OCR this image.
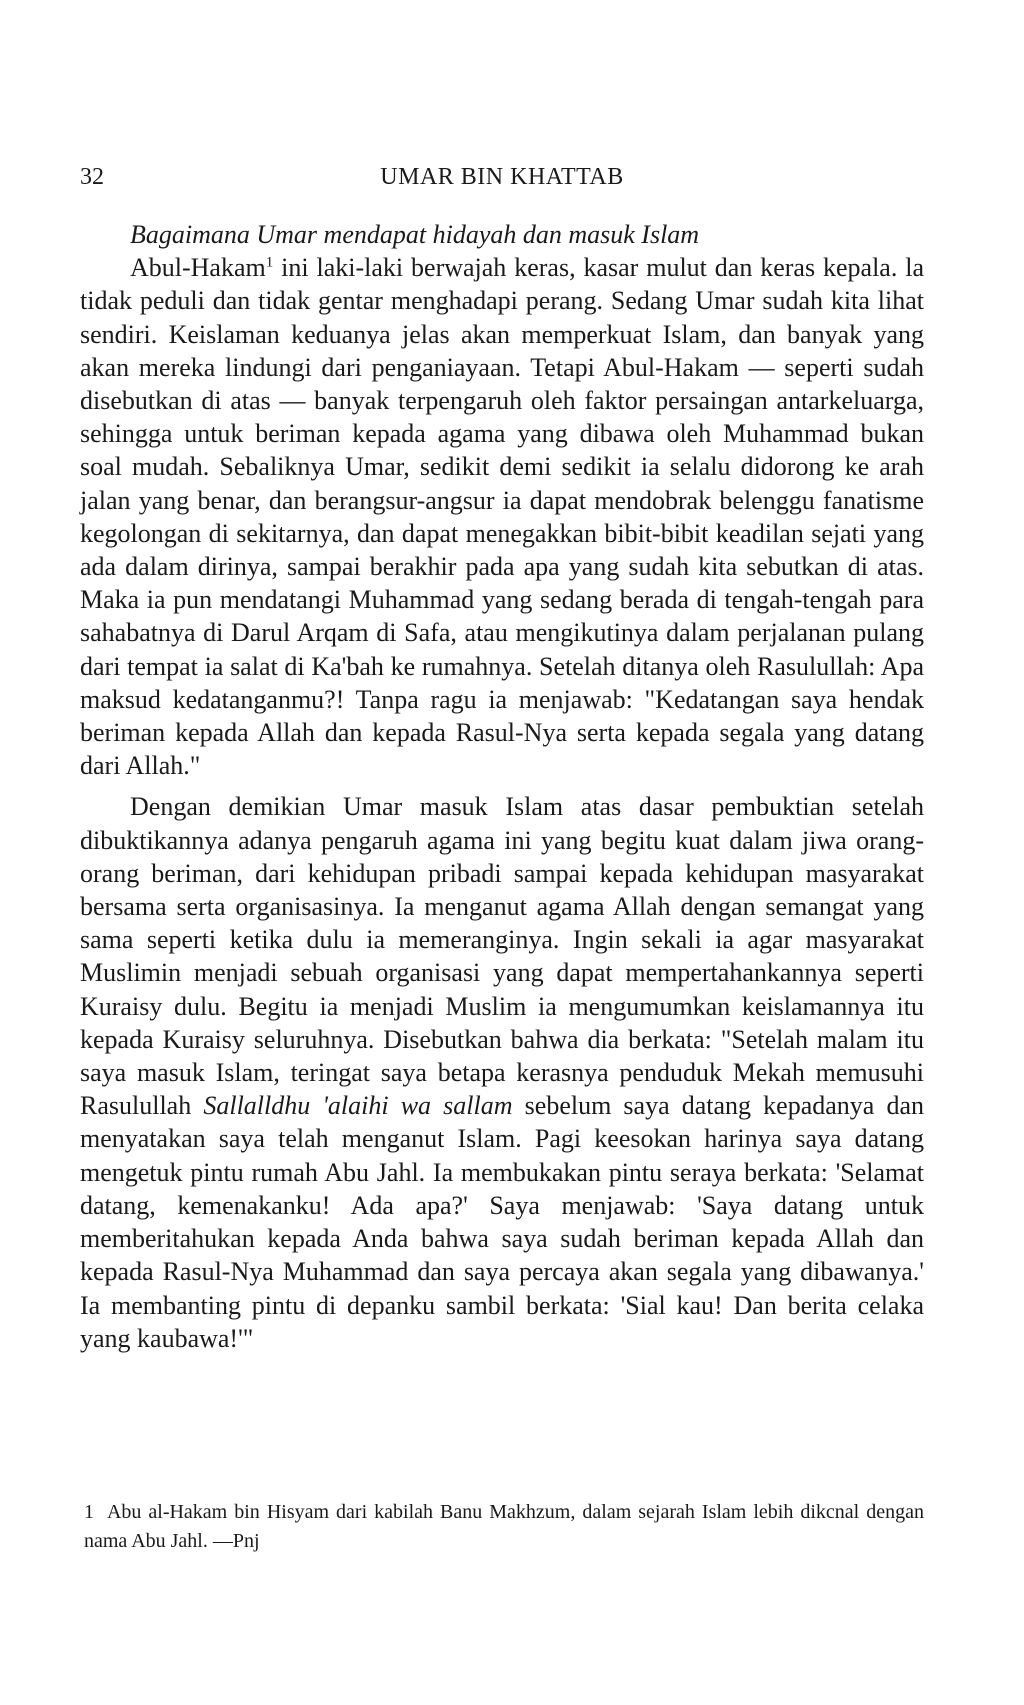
32	UMAR BIN KHATTAB

Bagaimana Umar mendapat hidayah dan masuk Islam

Abul-Hakam$^1$ ini laki-laki berwajah keras, kasar mulut dan keras kepala. la tidak peduli dan tidak gentar menghadapi perang. Sedang Umar sudah kita lihat sendiri. Keislaman keduanya jelas akan memperkuat Islam, dan banyak yang akan mereka lindungi dari penganiayaan. Tetapi Abul-Hakam — seperti sudah disebutkan di atas — banyak terpengaruh oleh faktor persaingan antarkeluarga, sehingga untuk beriman kepada agama yang dibawa oleh Muhammad bukan soal mudah. Sebaliknya Umar, sedikit demi sedikit ia selalu didorong ke arah jalan yang benar, dan berangsur-angsur ia dapat mendobrak belenggu fanatisme kegolongan di sekitarnya, dan dapat menegakkan bibit-bibit keadilan sejati yang ada dalam dirinya, sampai berakhir pada apa yang sudah kita sebutkan di atas. Maka ia pun mendatangi Muhammad yang sedang berada di tengah-tengah para sahabatnya di Darul Arqam di Safa, atau mengikutinya dalam perjalanan pulang dari tempat ia salat di Ka'bah ke rumahnya. Setelah ditanya oleh Rasulullah: Apa maksud kedatanganmu?! Tanpa ragu ia menjawab: "Kedatangan saya hendak beriman kepada Allah dan kepada Rasul-Nya serta kepada segala yang datang dari Allah."

Dengan demikian Umar masuk Islam atas dasar pembuktian setelah dibuktikannya adanya pengaruh agama ini yang begitu kuat dalam jiwa orang-orang beriman, dari kehidupan pribadi sampai kepada kehidupan masyarakat bersama serta organisasinya. Ia menganut agama Allah dengan semangat yang sama seperti ketika dulu ia memeranginya. Ingin sekali ia agar masyarakat Muslimin menjadi sebuah organisasi yang dapat mempertahankannya seperti Kuraisy dulu. Begitu ia menjadi Muslim ia mengumumkan keislamannya itu kepada Kuraisy seluruhnya. Disebutkan bahwa dia berkata: "Setelah malam itu saya masuk Islam, teringat saya betapa kerasnya penduduk Mekah memusuhi Rasulullah Sallalldhu 'alaihi wa sallam sebelum saya datang kepadanya dan menyatakan saya telah menganut Islam. Pagi keesokan harinya saya datang mengetuk pintu rumah Abu Jahl. Ia membukakan pintu seraya berkata: 'Selamat datang, kemenakanku! Ada apa?' Saya menjawab: 'Saya datang untuk memberitahukan kepada Anda bahwa saya sudah beriman kepada Allah dan kepada Rasul-Nya Muhammad dan saya percaya akan segala yang dibawanya.' Ia membanting pintu di depanku sambil berkata: 'Sial kau! Dan berita celaka yang kaubawa!'"

1 Abu al-Hakam bin Hisyam dari kabilah Banu Makhzum, dalam sejarah Islam lebih dikcnal dengan nama Abu Jahl. —Pnj
